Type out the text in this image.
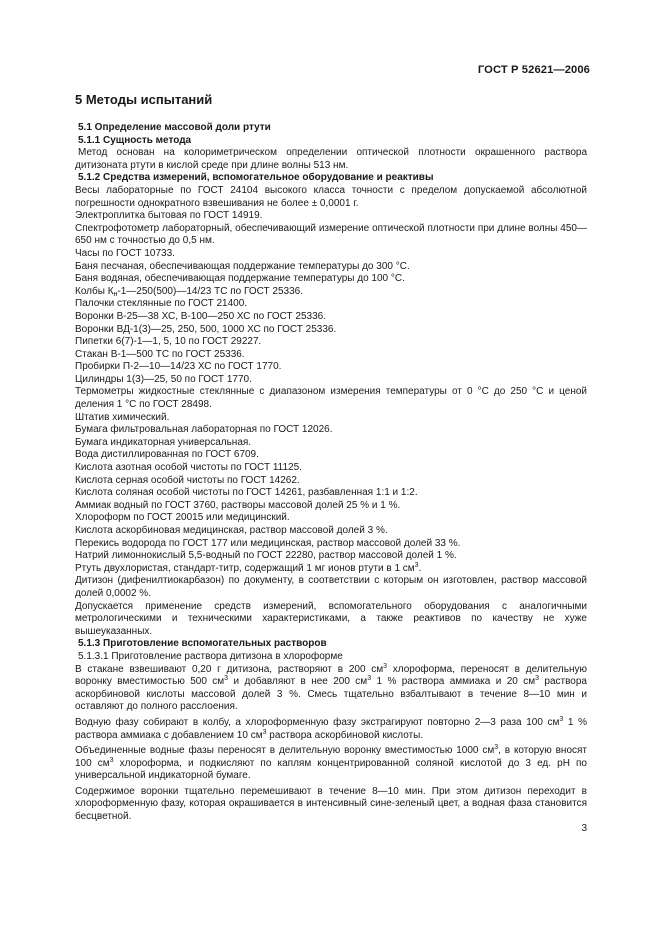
ГОСТ Р 52621—2006
5 Методы испытаний
5.1 Определение массовой доли ртути
5.1.1 Сущность метода

Метод основан на колориметрическом определении оптической плотности окрашенного раствора дитизоната ртути в кислой среде при длине волны 513 нм.

5.1.2 Средства измерений, вспомогательное оборудование и реактивы

Весы лабораторные по ГОСТ 24104 высокого класса точности с пределом допускаемой абсолютной погрешности однократного взвешивания не более ± 0,0001 г.

Электроплитка бытовая по ГОСТ 14919.

Спектрофотометр лабораторный, обеспечивающий измерение оптической плотности при длине волны 450—650 нм с точностью до 0,5 нм.

Часы по ГОСТ 10733.

Баня песчаная, обеспечивающая поддержание температуры до 300 °С.

Баня водяная, обеспечивающая поддержание температуры до 100 °С.

Колбы $К_н-1—250(500)—14/23$ ТС по ГОСТ 25336.

Палочки стеклянные по ГОСТ 21400.

Воронки В-25—38 ХС, В-100—250 ХС по ГОСТ 25336.

Воронки ВД-1(3)—25, 250, 500, 1000 ХС по ГОСТ 25336.

Пипетки 6(7)-1—1, 5, 10 по ГОСТ 29227.

Стакан В-1—500 ТС по ГОСТ 25336.

Пробирки П-2—10—14/23 ХС по ГОСТ 1770.

Цилиндры 1(3)—25, 50 по ГОСТ 1770.

Термометры жидкостные стеклянные с диапазоном измерения температуры от 0 °С до 250 °С и ценой деления 1 °С по ГОСТ 28498.

Штатив химический.

Бумага фильтровальная лабораторная по ГОСТ 12026.

Бумага индикаторная универсальная.

Вода дистиллированная по ГОСТ 6709.

Кислота азотная особой чистоты по ГОСТ 11125.

Кислота серная особой чистоты по ГОСТ 14262.

Кислота соляная особой чистоты по ГОСТ 14261, разбавленная 1:1 и 1:2.

Аммиак водный по ГОСТ 3760, растворы массовой долей 25 % и 1 %.

Хлороформ по ГОСТ 20015 или медицинский.

Кислота аскорбиновая медицинская, раствор массовой долей 3 %.

Перекись водорода по ГОСТ 177 или медицинская, раствор массовой долей 33 %.

Натрий лимоннокислый 5,5-водный по ГОСТ 22280, раствор массовой долей 1 %.

Ртуть двухлористая, стандарт-титр, содержащий 1 мг ионов ртути в 1 $см^3$.

Дитизон (дифенилтиокарбазон) по документу, в соответствии с которым он изготовлен, раствор массовой долей 0,0002 %.

Допускается применение средств измерений, вспомогательного оборудования с аналогичными метрологическими и техническими характеристиками, а также реактивов по качеству не хуже вышеуказанных.

5.1.3 Приготовление вспомогательных растворов
5.1.3.1 Приготовление раствора дитизона в хлороформе

В стакане взвешивают 0,20 г дитизона, растворяют в 200 $см^3$ хлороформа, переносят в делительную воронку вместимостью 500 $см^3$ и добавляют в нее 200 $см^3$ 1 % раствора аммиака и 20 $см^3$ раствора аскорбиновой кислоты массовой долей 3 %. Смесь тщательно взбалтывают в течение 8—10 мин и оставляют до полного расслоения.

Водную фазу собирают в колбу, а хлороформенную фазу экстрагируют повторно 2—3 раза 100 $см^3$ 1 % раствора аммиака с добавлением 10 $см^3$ раствора аскорбиновой кислоты.

Объединенные водные фазы переносят в делительную воронку вместимостью 1000 $см^3$, в которую вносят 100 $см^3$ хлороформа, и подкисляют по каплям концентрированной соляной кислотой до 3 ед. рН по универсальной индикаторной бумаге.

Содержимое воронки тщательно перемешивают в течение 8—10 мин. При этом дитизон переходит в хлороформенную фазу, которая окрашивается в интенсивный сине-зеленый цвет, а водная фаза становится бесцветной.

3
